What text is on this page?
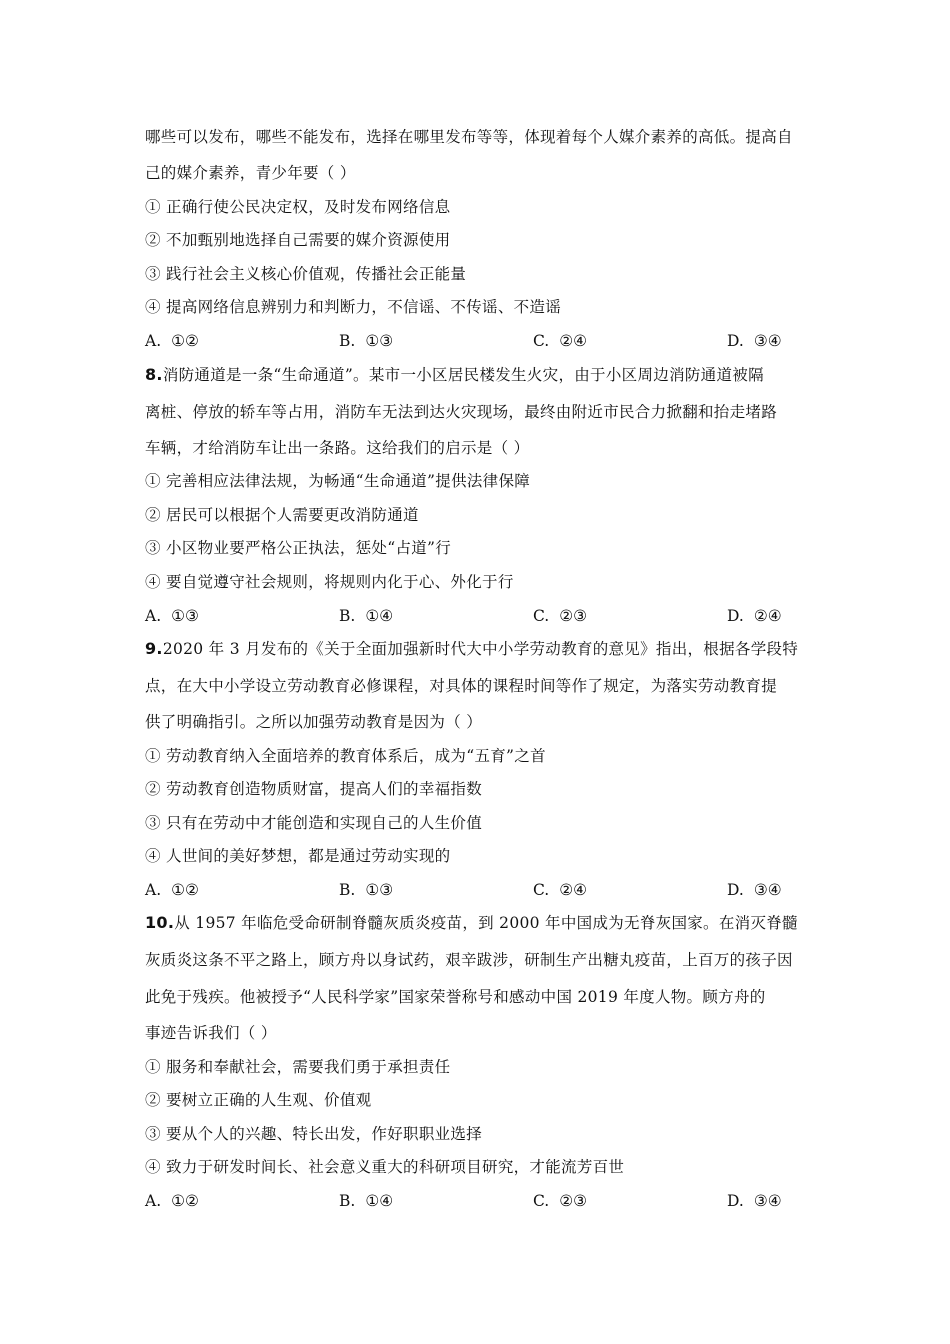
哪些可以发布，哪些不能发布，选择在哪里发布等等，体现着每个人媒介素养的高低。提高自
己的媒介素养，青少年要（ ）
① 正确行使公民决定权，及时发布网络信息
② 不加甄别地选择自己需要的媒介资源使用
③ 践行社会主义核心价值观，传播社会正能量
④ 提高网络信息辨别力和判断力，不信谣、不传谣、不造谣
A. ①②	B. ①③	C. ②④	D. ③④
8.消防通道是一条“生命通道”。某市一小区居民楼发生火灾，由于小区周边消防通道被隔
离桩、停放的轿车等占用，消防车无法到达火灾现场，最终由附近市民合力掀翻和抬走堵路
车辆，才给消防车让出一条路。这给我们的启示是（ ）
① 完善相应法律法规，为畅通“生命通道”提供法律保障
② 居民可以根据个人需要更改消防通道
③ 小区物业要严格公正执法，惩处“占道”行
④ 要自觉遵守社会规则，将规则内化于心、外化于行
A. ①③	B. ①④	C. ②③	D. ②④
9.2020 年 3 月发布的《关于全面加强新时代大中小学劳动教育的意见》指出，根据各学段特
点，在大中小学设立劳动教育必修课程，对具体的课程时间等作了规定，为落实劳动教育提
供了明确指引。之所以加强劳动教育是因为（ ）
① 劳动教育纳入全面培养的教育体系后，成为“五育”之首
② 劳动教育创造物质财富，提高人们的幸福指数
③ 只有在劳动中才能创造和实现自己的人生价值
④ 人世间的美好梦想，都是通过劳动实现的
A. ①②	B. ①③	C. ②④	D. ③④
10.从 1957 年临危受命研制脊髓灰质炎疫苗，到 2000 年中国成为无脊灰国家。在消灭脊髓
灰质炎这条不平之路上，顾方舟以身试药，艰辛跋涉，研制生产出糖丸疫苗，上百万的孩子因
此免于残疾。他被授予“人民科学家”国家荣誉称号和感动中国 2019 年度人物。顾方舟的
事迹告诉我们（ ）
① 服务和奉献社会，需要我们勇于承担责任
② 要树立正确的人生观、价值观
③ 要从个人的兴趣、特长出发，作好职职业选择
④ 致力于研发时间长、社会意义重大的科研项目研究，才能流芳百世
A. ①②	B. ①④	C. ②③	D. ③④
